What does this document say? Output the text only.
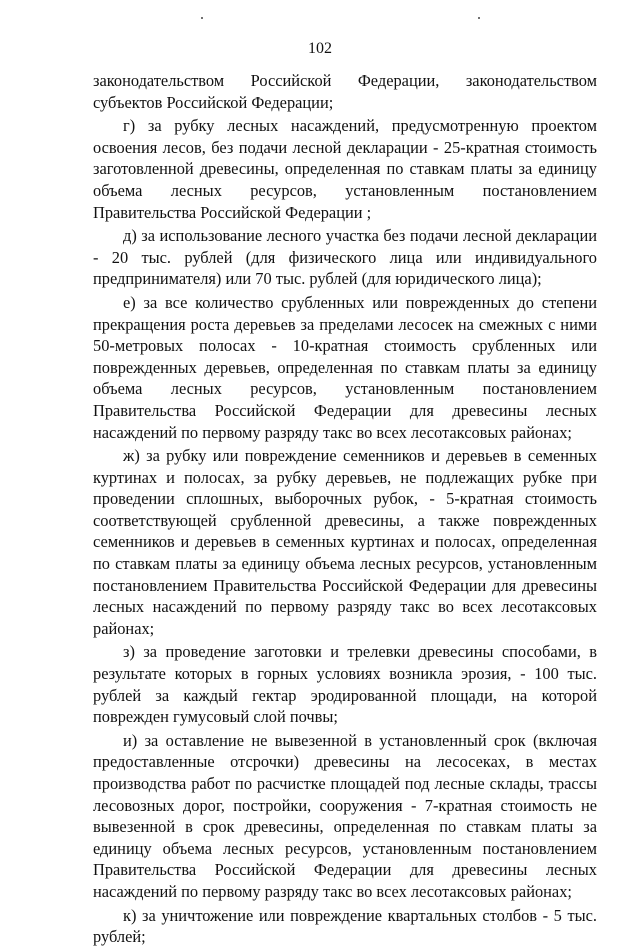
102

законодательством Российской Федерации, законодательством субъектов Российской Федерации;

г) за рубку лесных насаждений, предусмотренную проектом освоения лесов, без подачи лесной декларации - 25-кратная стоимость заготовленной древесины, определенная по ставкам платы за единицу объема лесных ресурсов, установленным постановлением Правительства Российской Федерации ;

д) за использование лесного участка без подачи лесной декларации - 20 тыс. рублей (для физического лица или индивидуального предпринимателя) или 70 тыс. рублей (для юридического лица);

е) за все количество срубленных или поврежденных до степени прекращения роста деревьев за пределами лесосек на смежных с ними 50-метровых полосах - 10-кратная стоимость срубленных или поврежденных деревьев, определенная по ставкам платы за единицу объема лесных ресурсов, установленным постановлением Правительства Российской Федерации для древесины лесных насаждений по первому разряду такс во всех лесотаксовых районах;

ж) за рубку или повреждение семенников и деревьев в семенных куртинах и полосах, за рубку деревьев, не подлежащих рубке при проведении сплошных, выборочных рубок, - 5-кратная стоимость соответствующей срубленной древесины, а также поврежденных семенников и деревьев в семенных куртинах и полосах, определенная по ставкам платы за единицу объема лесных ресурсов, установленным постановлением Правительства Российской Федерации для древесины лесных насаждений по первому разряду такс во всех лесотаксовых районах;

з) за проведение заготовки и трелевки древесины способами, в результате которых в горных условиях возникла эрозия, - 100 тыс. рублей за каждый гектар эродированной площади, на которой поврежден гумусовый слой почвы;

и) за оставление не вывезенной в установленный срок (включая предоставленные отсрочки) древесины на лесосеках, в местах производства работ по расчистке площадей под лесные склады, трассы лесовозных дорог, постройки, сооружения - 7-кратная стоимость не вывезенной в срок древесины, определенная по ставкам платы за единицу объема лесных ресурсов, установленным постановлением Правительства Российской Федерации для древесины лесных насаждений по первому разряду такс во всех лесотаксовых районах;

к) за уничтожение или повреждение квартальных столбов - 5 тыс. рублей;
